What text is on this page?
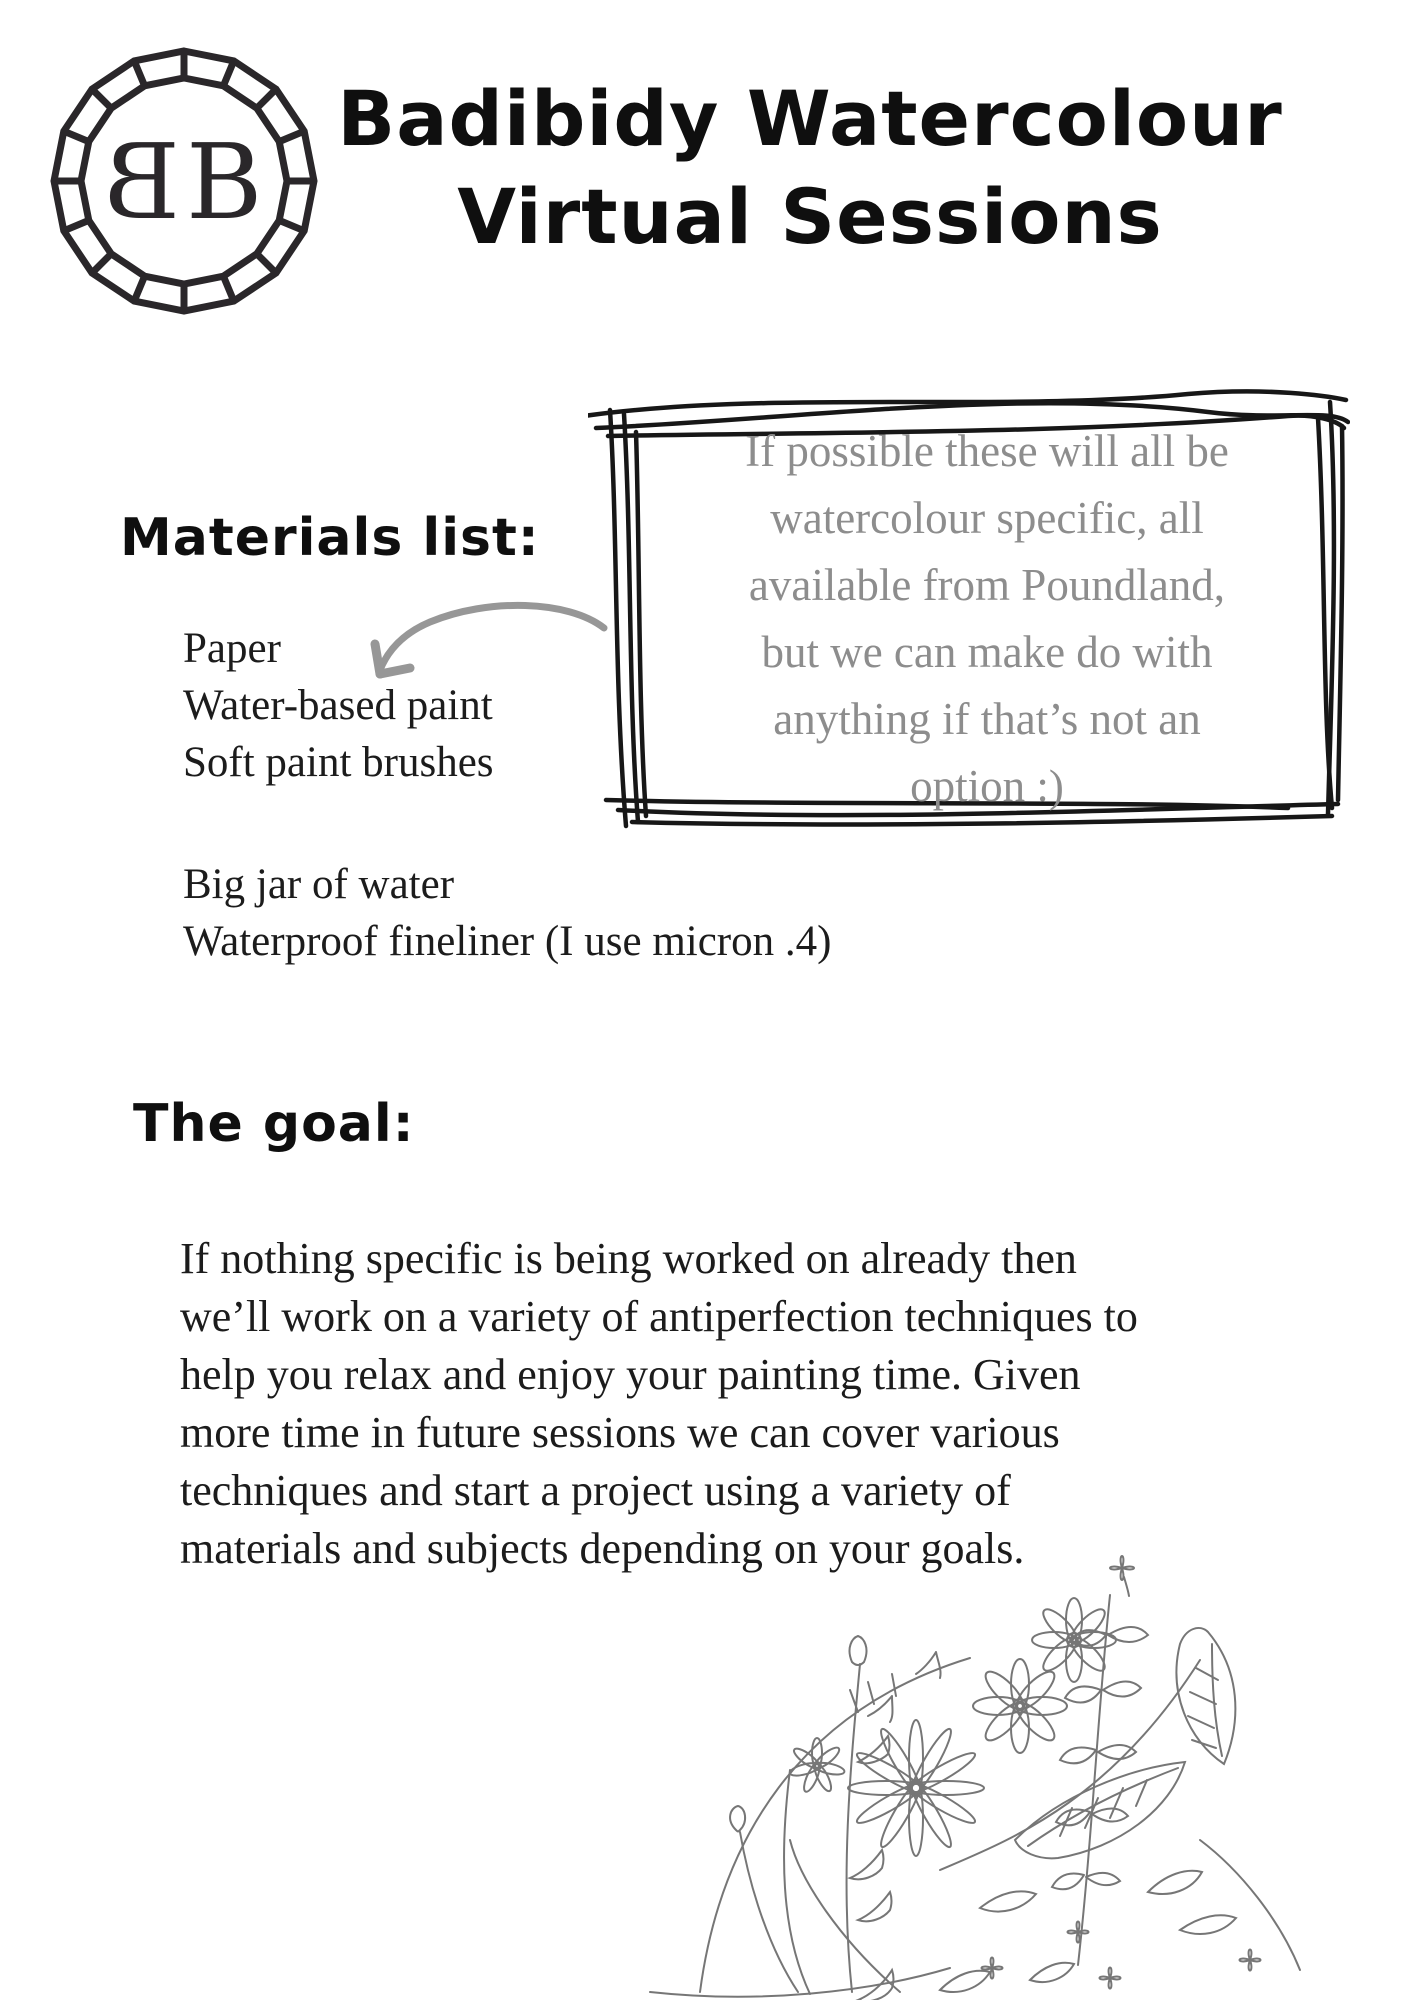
B B
Badibidy Watercolour
Virtual Sessions
If possible these will all be
watercolour specific, all
available from Poundland,
but we can make do with
anything if that’s not an
option :)
Materials list:
Paper
Water-based paint
Soft paint brushes
Big jar of water
Waterproof fineliner (I use micron .4)
The goal:
If nothing specific is being worked on already then
we’ll work on a variety of antiperfection techniques to
help you relax and enjoy your painting time. Given
more time in future sessions we can cover various
techniques and start a project using a variety of
materials and subjects depending on your goals.
